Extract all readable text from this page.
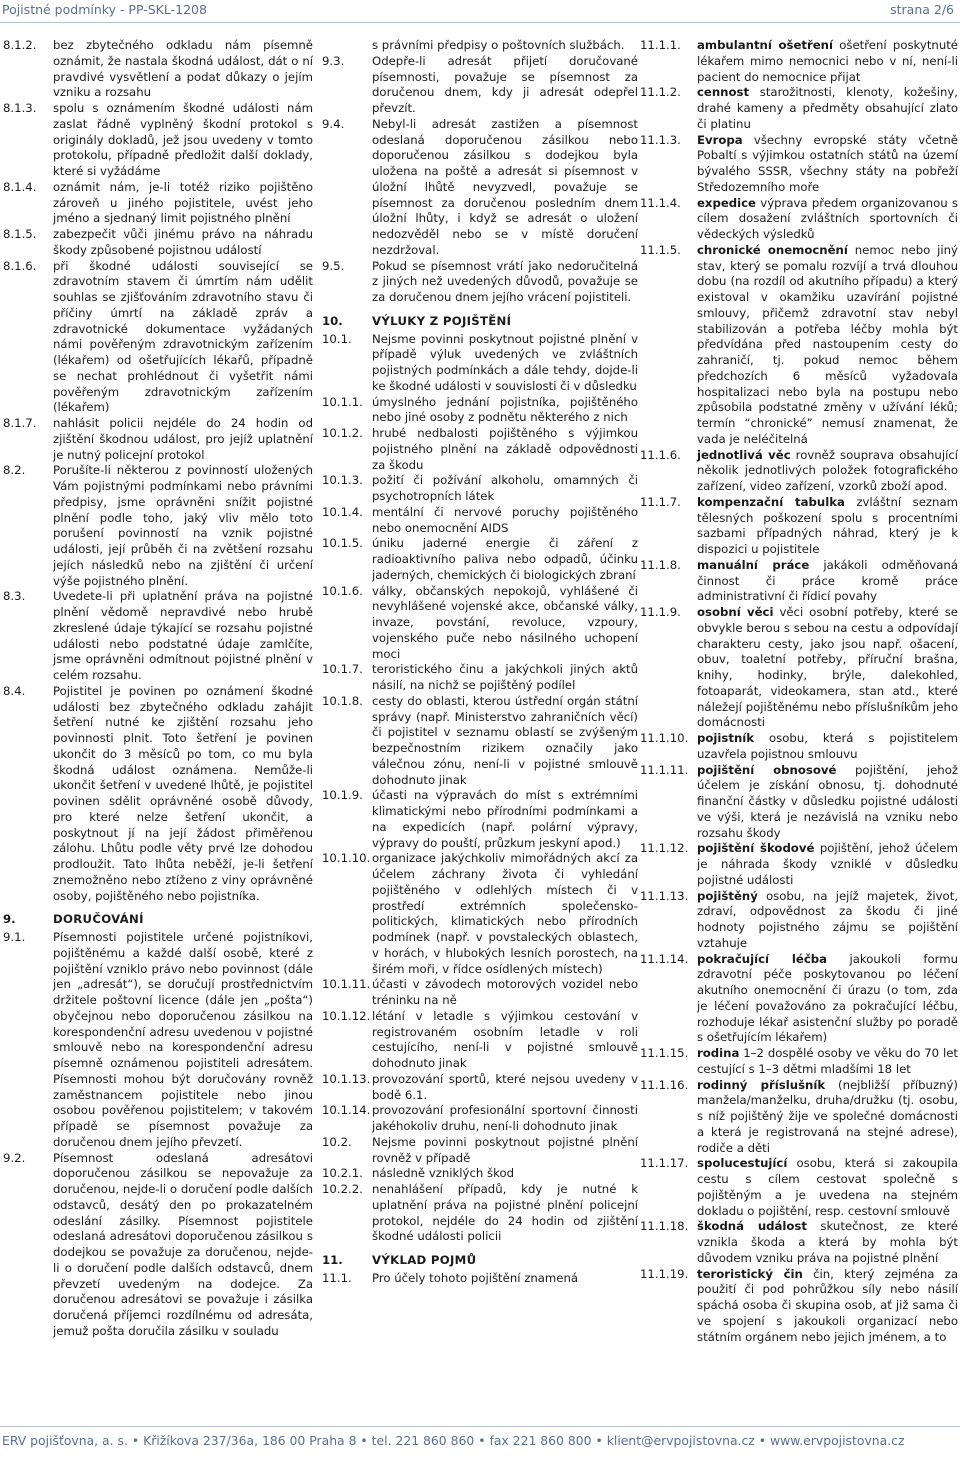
Pojistné podmínky - PP-SKL-1208	strana 2/6
8.1.2.	bez zbytečného odkladu nám písemně oznámit, že nastala škodná událost, dát o ní pravdivé vysvětlení a podat důkazy o jejím vzniku a rozsahu
8.1.3.	spolu s oznámením škodné události nám zaslat řádně vyplněný škodní protokol s originály dokladů, jež jsou uvedeny v tomto protokolu, případně předložit další doklady, které si vyžádáme
8.1.4.	oznámit nám, je-li totéž riziko pojištěno zároveň u jiného pojistitele, uvést jeho jméno a sjednaný limit pojistného plnění
8.1.5.	zabezpečit vůči jinému právo na náhradu škody způsobené pojistnou událostí
8.1.6.	při škodné události související se zdravotním stavem či úmrtím nám udělit souhlas se zjišťováním zdravotního stavu či příčiny úmrtí na základě zpráv a zdravotnické dokumentace vyžádaných námi pověřeným zdravotnickým zařízením (lékařem) od ošetřujících lékařů, případně se nechat prohlédnout či vyšetřit námi pověřeným zdravotnickým zařízením (lékařem)
8.1.7.	nahlásit policii nejdéle do 24 hodin od zjištění škodnou událost, pro jejíž uplatnění je nutný policejní protokol
8.2.	Porušíte-li některou z povinností uložených Vám pojistnými podmínkami nebo právními předpisy, jsme oprávněni snížit pojistné plnění podle toho, jaký vliv mělo toto porušení povinností na vznik pojistné události, její průběh či na zvětšení rozsahu jejích následků nebo na zjištění či určení výše pojistného plnění.
8.3.	Uvedete-li při uplatnění práva na pojistné plnění vědomě nepravdivé nebo hrubě zkreslené údaje týkající se rozsahu pojistné události nebo podstatné údaje zamlčíte, jsme oprávněni odmítnout pojistné plnění v celém rozsahu.
8.4.	Pojistitel je povinen po oznámení škodné události bez zbytečného odkladu zahájit šetření nutné ke zjištění rozsahu jeho povinnosti plnit. Toto šetření je povinen ukončit do 3 měsíců po tom, co mu byla škodná událost oznámena. Nemůže-li ukončit šetření v uvedené lhůtě, je pojistitel povinen sdělit oprávněné osobě důvody, pro které nelze šetření ukončit, a poskytnout jí na její žádost přiměřenou zálohu. Lhůtu podle věty prvé lze dohodou prodloužit. Tato lhůta neběží, je-li šetření znemožněno nebo ztíženo z viny oprávněné osoby, pojištěného nebo pojistníka.
9.	DORUČOVÁNÍ
9.1.	Písemnosti pojistitele určené pojistníkovi, pojištěnému a každé další osobě, které z pojištění vzniklo právo nebo povinnost (dále jen „adresát“), se doručují prostřednictvím držitele poštovní licence (dále jen „pošta“) obyčejnou nebo doporučenou zásilkou na korespondenční adresu uvedenou v pojistné smlouvě nebo na korespondenční adresu písemně oznámenou pojistiteli adresátem. Písemnosti mohou být doručovány rovněž zaměstnancem pojistitele nebo jinou osobou pověřenou pojistitelem; v takovém případě se písemnost považuje za doručenou dnem jejího převzetí.
9.2.	Písemnost odeslaná adresátovi doporučenou zásilkou se nepovažuje za doručenou, nejde-li o doručení podle dalších odstavců, desátý den po prokazatelném odeslání zásilky. Písemnost pojistitele odeslaná adresátovi doporučenou zásilkou s dodejkou se považuje za doručenou, nejde-li o doručení podle dalších odstavců, dnem převzetí uvedeným na dodejce. Za doručenou adresátovi se považuje i zásilka doručená příjemci rozdílnému od adresáta, jemuž pošta doručila zásilku v souladu
s právními předpisy o poštovních službách.
9.3.	Odepře-li adresát přijetí doručované písemnosti, považuje se písemnost za doručenou dnem, kdy ji adresát odepřel převzít.
9.4.	Nebyl-li adresát zastižen a písemnost odeslaná doporučenou zásilkou nebo doporučenou zásilkou s dodejkou byla uložena na poště a adresát si písemnost v úložní lhůtě nevyzvedl, považuje se písemnost za doručenou posledním dnem úložní lhůty, i když se adresát o uložení nedozvěděl nebo se v místě doručení nezdržoval.
9.5.	Pokud se písemnost vrátí jako nedoručitelná z jiných než uvedených důvodů, považuje se za doručenou dnem jejího vrácení pojistiteli.
10.	VÝLUKY Z POJIŠTĚNÍ
10.1.	Nejsme povinni poskytnout pojistné plnění v případě výluk uvedených ve zvláštních pojistných podmínkách a dále tehdy, dojde-li ke škodné události v souvislosti či v důsledku
10.1.1. úmyslného jednání pojistníka, pojištěného nebo jiné osoby z podnětu některého z nich
10.1.2. hrubé nedbalosti pojištěného s výjimkou pojistného plnění na základě odpovědnosti za škodu
10.1.3. požití či požívání alkoholu, omamných či psychotropních látek
10.1.4. mentální či nervové poruchy pojištěného nebo onemocnění AIDS
10.1.5. úniku jaderné energie či záření z radioaktivního paliva nebo odpadů, účinku jaderných, chemických či biologických zbraní
10.1.6. války, občanských nepokojů, vyhlášené či nevyhlášené vojenské akce, občanské války, invaze, povstání, revoluce, vzpoury, vojenského puče nebo násilného uchopení moci
10.1.7. teroristického činu a jakýchkoli jiných aktů násilí, na nichž se pojištěný podílel
10.1.8. cesty do oblasti, kterou ústřední orgán státní správy (např. Ministerstvo zahraničních věcí) či pojistitel v seznamu oblastí se zvýšeným bezpečnostním rizikem označily jako válečnou zónu, není-li v pojistné smlouvě dohodnuto jinak
10.1.9. účasti na výpravách do míst s extrémními klimatickými nebo přírodními podmínkami a na expedicích (např. polární výpravy, výpravy do pouští, průzkum jeskyní apod.)
10.1.10. organizace jakýchkoliv mimořádných akcí za účelem záchrany života či vyhledání pojištěného v odlehlých místech či v prostředí extrémních společensko-politických, klimatických nebo přírodních podmínek (např. v povstaleckých oblastech, v horách, v hlubokých lesních porostech, na širém moři, v řídce osídlených místech)
10.1.11. účasti v závodech motorových vozidel nebo tréninku na ně
10.1.12. létání v letadle s výjimkou cestování v registrovaném osobním letadle v roli cestujícího, není-li v pojistné smlouvě dohodnuto jinak
10.1.13. provozování sportů, které nejsou uvedeny v bodě 6.1.
10.1.14. provozování profesionální sportovní činnosti jakéhokoliv druhu, není-li dohodnuto jinak
10.2.	Nejsme povinni poskytnout pojistné plnění rovněž v případě
10.2.1. následně vzniklých škod
10.2.2. nenahlášení případů, kdy je nutné k uplatnění práva na pojistné plnění policejní protokol, nejdéle do 24 hodin od zjištění škodné události policii
11.	VÝKLAD POJMŮ
11.1.	Pro účely tohoto pojištění znamená
11.1.1.	ambulantní ošetření ošetření poskytnuté lékařem mimo nemocnici nebo v ní, není-li pacient do nemocnice přijat
11.1.2.	cennost starožitnosti, klenoty, kožešiny, drahé kameny a předměty obsahující zlato či platinu
11.1.3.	Evropa všechny evropské státy včetně Pobaltí s výjimkou ostatních států na území bývalého SSSR, všechny státy na pobřeží Středozemního moře
11.1.4.	expedice výprava předem organizovanou s cílem dosažení zvláštních sportovních či vědeckých výsledků
11.1.5.	chronické onemocnění nemoc nebo jiný stav, který se pomalu rozvíjí a trvá dlouhou dobu (na rozdíl od akutního případu) a který existoval v okamžiku uzavírání pojistné smlouvy, přičemž zdravotní stav nebyl stabilizován a potřeba léčby mohla být předvídána před nastoupením cesty do zahraničí, tj. pokud nemoc během předchozích 6 měsíců vyžadovala hospitalizaci nebo byla na postupu nebo způsobila podstatné změny v užívání léků; termín “chronické” nemusí znamenat, že vada je neléčitelná
11.1.6.	jednotlivá věc rovněž souprava obsahující několik jednotlivých položek fotografického zařízení, video zařízení, vzorků zboží apod.
11.1.7.	kompenzační tabulka zvláštní seznam tělesných poškození spolu s procentními sazbami případných náhrad, který je k dispozici u pojistitele
11.1.8.	manuální práce jakákoli odměňovaná činnost či práce kromě práce administrativní či řídicí povahy
11.1.9.	osobní věci věci osobní potřeby, které se obvykle berou s sebou na cestu a odpovídají charakteru cesty, jako jsou např. ošacení, obuv, toaletní potřeby, příruční brašna, knihy, hodinky, brýle, dalekohled, fotoaparát, videokamera, stan atd., které náležejí pojištěnému nebo příslušníkům jeho domácnosti
11.1.10. pojistník osobu, která s pojistitelem uzavřela pojistnou smlouvu
11.1.11. pojištění obnosové pojištění, jehož účelem je získání obnosu, tj. dohodnuté finanční částky v důsledku pojistné události ve výši, která je nezávislá na vzniku nebo rozsahu škody
11.1.12. pojištění škodové pojištění, jehož účelem je náhrada škody vzniklé v důsledku pojistné události
11.1.13. pojištěný osobu, na jejíž majetek, život, zdraví, odpovědnost za škodu či jiné hodnoty pojistného zájmu se pojištění vztahuje
11.1.14. pokračující léčba jakoukoli formu zdravotní péče poskytovanou po léčení akutního onemocnění či úrazu (o tom, zda je léčení považováno za pokračující léčbu, rozhoduje lékař asistenční služby po poradě s ošetřujícím lékařem)
11.1.15. rodina 1–2 dospělé osoby ve věku do 70 let cestující s 1–3 dětmi mladšími 18 let
11.1.16. rodinný příslušník (nejbližší příbuzný) manžela/manželku, druha/družku (tj. osobu, s níž pojištěný žije ve společné domácnosti a která je registrovaná na stejné adrese), rodiče a děti
11.1.17. spolucestující osobu, která si zakoupila cestu s cílem cestovat společně s pojištěným a je uvedena na stejném dokladu o pojištění, resp. cestovní smlouvě
11.1.18. škodná událost skutečnost, ze které vznikla škoda a která by mohla být důvodem vzniku práva na pojistné plnění
11.1.19. teroristický čin čin, který zejména za použití či pod pohrůžkou síly nebo násilí spáchá osoba či skupina osob, ať již sama či ve spojení s jakoukoli organizací nebo státním orgánem nebo jejich jménem, a to
ERV pojišťovna, a. s. • Křižíkova 237/36a, 186 00 Praha 8 • tel. 221 860 860 • fax 221 860 800 • klient@ervpojistovna.cz • www.ervpojistovna.cz
